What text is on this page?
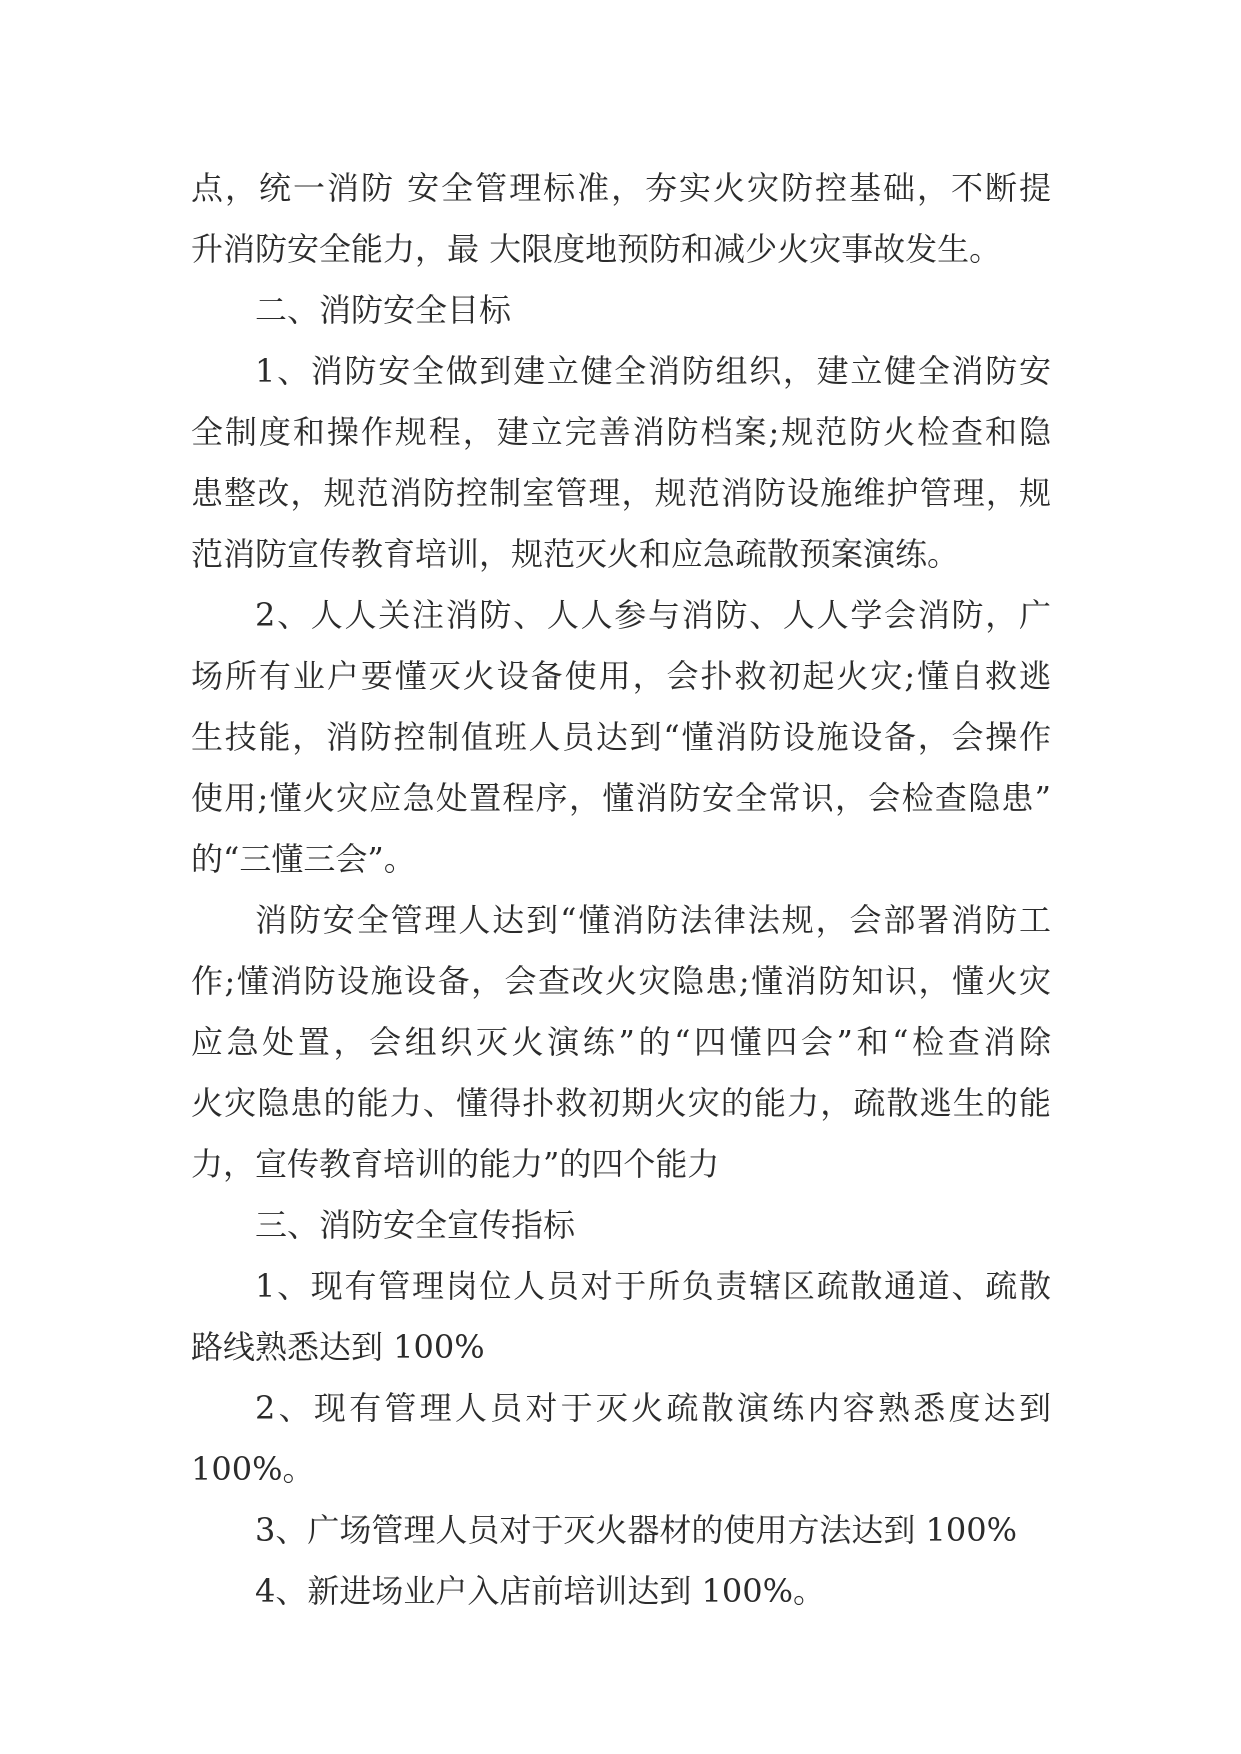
点，统一消防 安全管理标准，夯实火灾防控基础，不断提
升消防安全能力，最 大限度地预防和减少火灾事故发生。
二、消防安全目标
1、消防安全做到建立健全消防组织，建立健全消防安
全制度和操作规程，建立完善消防档案;规范防火检查和隐
患整改，规范消防控制室管理，规范消防设施维护管理，规
范消防宣传教育培训，规范灭火和应急疏散预案演练。
2、人人关注消防、人人参与消防、人人学会消防，广
场所有业户要懂灭火设备使用，会扑救初起火灾;懂自救逃
生技能，消防控制值班人员达到“懂消防设施设备，会操作
使用;懂火灾应急处置程序，懂消防安全常识，会检查隐患”
的“三懂三会”。
消防安全管理人达到“懂消防法律法规，会部署消防工
作;懂消防设施设备，会查改火灾隐患;懂消防知识，懂火灾
应急处置，会组织灭火演练”的“四懂四会”和“检查消除
火灾隐患的能力、懂得扑救初期火灾的能力，疏散逃生的能
力，宣传教育培训的能力”的四个能力
三、消防安全宣传指标
1、现有管理岗位人员对于所负责辖区疏散通道、疏散
路线熟悉达到 100%
2、现有管理人员对于灭火疏散演练内容熟悉度达到
100%。
3、广场管理人员对于灭火器材的使用方法达到 100%
4、新进场业户入店前培训达到 100%。
